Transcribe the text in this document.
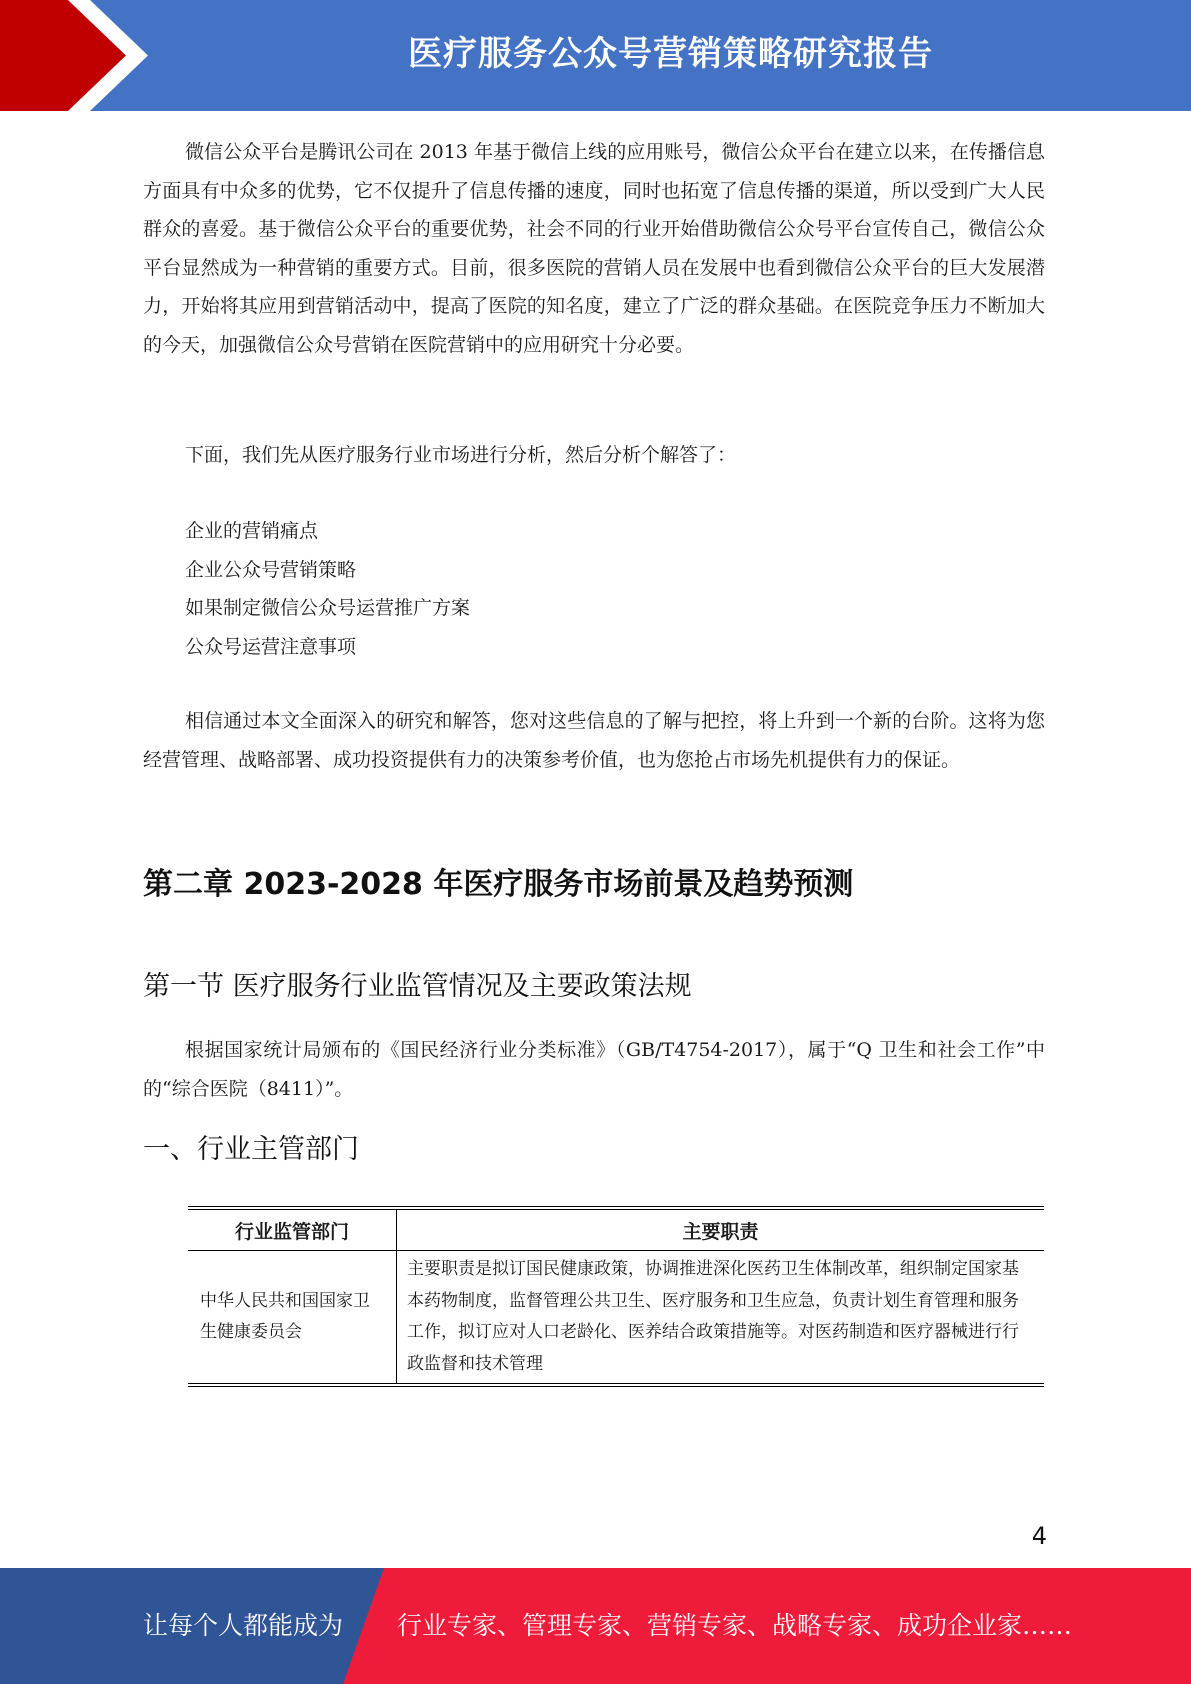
医疗服务公众号营销策略研究报告

微信公众平台是腾讯公司在 2013 年基于微信上线的应用账号，微信公众平台在建立以来，在传播信息方面具有中众多的优势，它不仅提升了信息传播的速度，同时也拓宽了信息传播的渠道，所以受到广大人民群众的喜爱。基于微信公众平台的重要优势，社会不同的行业开始借助微信公众号平台宣传自己，微信公众平台显然成为一种营销的重要方式。目前，很多医院的营销人员在发展中也看到微信公众平台的巨大发展潜力，开始将其应用到营销活动中，提高了医院的知名度，建立了广泛的群众基础。在医院竞争压力不断加大的今天，加强微信公众号营销在医院营销中的应用研究十分必要。

下面，我们先从医疗服务行业市场进行分析，然后分析个解答了：

企业的营销痛点
企业公众号营销策略
如果制定微信公众号运营推广方案
公众号运营注意事项

相信通过本文全面深入的研究和解答，您对这些信息的了解与把控，将上升到一个新的台阶。这将为您经营管理、战略部署、成功投资提供有力的决策参考价值，也为您抢占市场先机提供有力的保证。

第二章 2023-2028 年医疗服务市场前景及趋势预测
第一节 医疗服务行业监管情况及主要政策法规

根据国家统计局颁布的《国民经济行业分类标准》（GB/T4754-2017），属于“Q 卫生和社会工作”中的“综合医院（8411）”。

一、行业主管部门
行业监管部门	主要职责
中华人民共和国国家卫生健康委员会	主要职责是拟订国民健康政策，协调推进深化医药卫生体制改革，组织制定国家基本药物制度，监督管理公共卫生、医疗服务和卫生应急，负责计划生育管理和服务工作，拟订应对人口老龄化、医养结合政策措施等。对医药制造和医疗器械进行行政监督和技术管理
4
让每个人都能成为 行业专家、管理专家、营销专家、战略专家、成功企业家……
